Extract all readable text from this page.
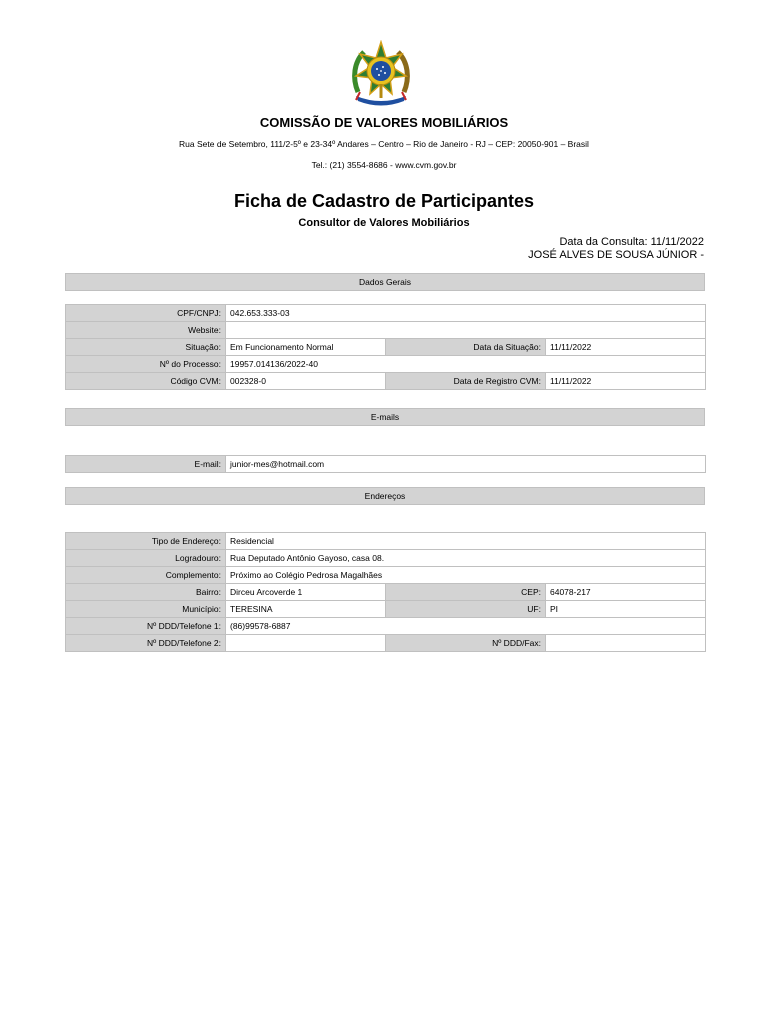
COMISSÃO DE VALORES MOBILIÁRIOS
Rua Sete de Setembro, 111/2-5º e 23-34º Andares – Centro – Rio de Janeiro - RJ – CEP: 20050-901 – Brasil
Tel.: (21) 3554-8686 - www.cvm.gov.br
Ficha de Cadastro de Participantes
Consultor de Valores Mobiliários
Data da Consulta: 11/11/2022
JOSÉ ALVES DE SOUSA JÚNIOR -
Dados Gerais
CPF/CNPJ:	042.653.333-03		
Website:			
Situação:	Em Funcionamento Normal	Data da Situação:	11/11/2022
Nº do Processo:	19957.014136/2022-40		
Código CVM:	002328-0	Data de Registro CVM:	11/11/2022
E-mails
E-mail:	junior-mes@hotmail.com
Endereços
Tipo de Endereço:	Residencial		
Logradouro:	Rua Deputado Antônio Gayoso, casa 08.		
Complemento:	Próximo ao Colégio Pedrosa Magalhães		
Bairro:	Dirceu Arcoverde 1	CEP:	64078-217
Município:	TERESINA	UF:	PI
Nº DDD/Telefone 1:	(86)99578-6887		
Nº DDD/Telefone 2:		Nº DDD/Fax:	
